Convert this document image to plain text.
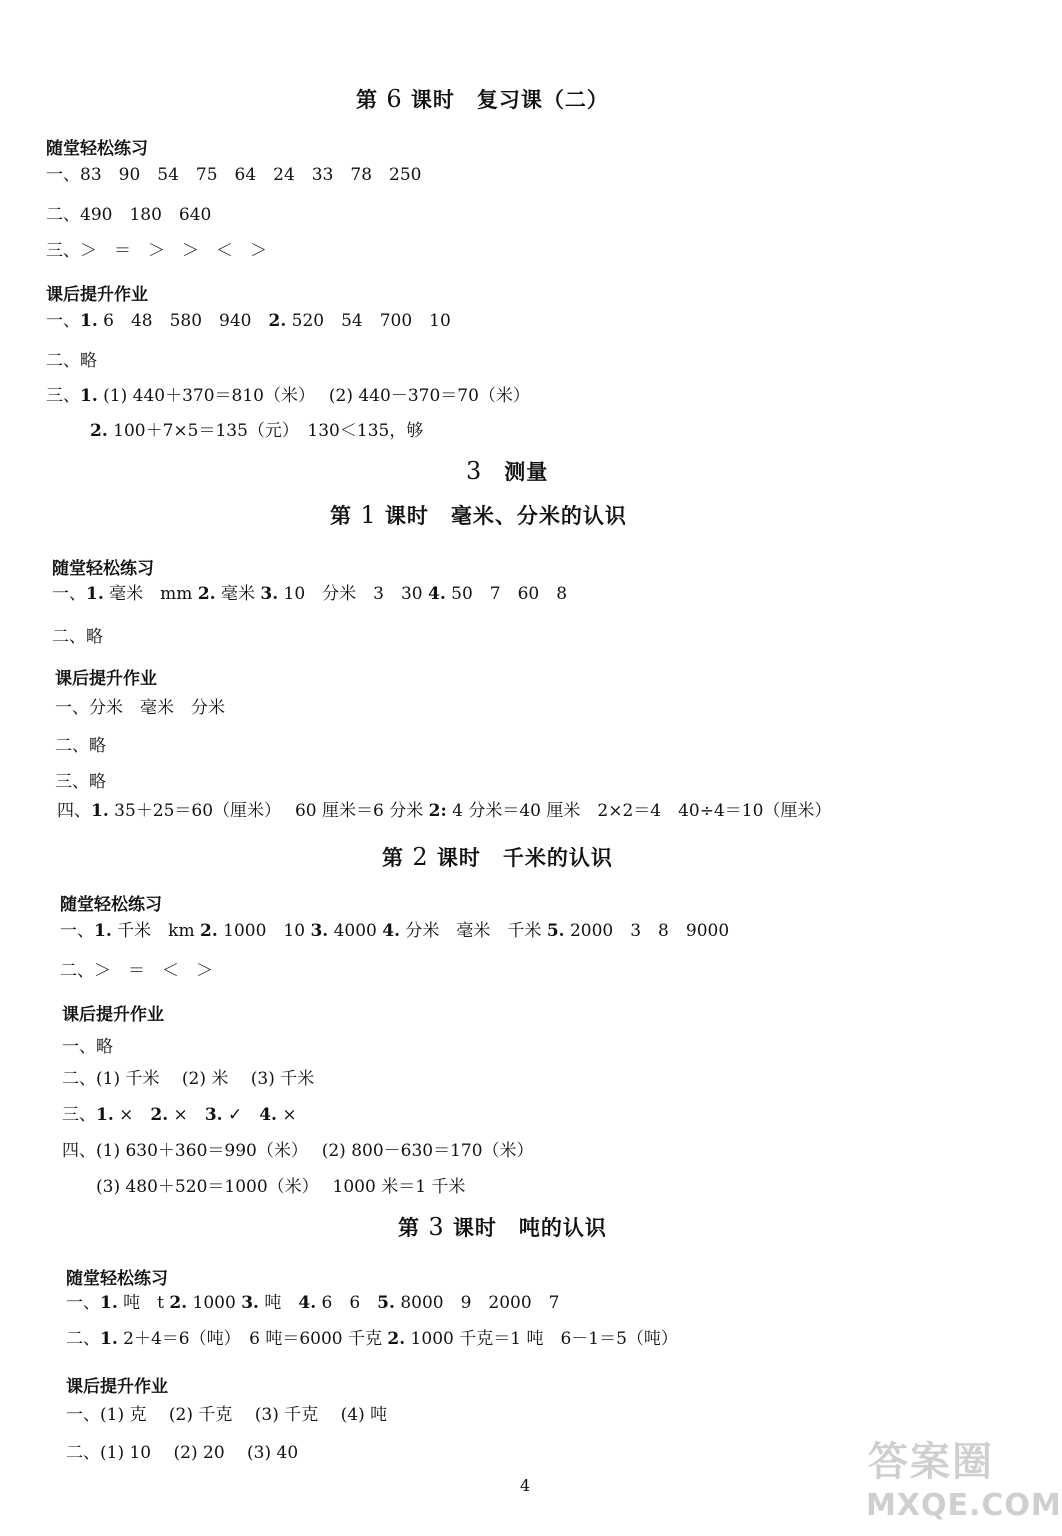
第 6 课时　复习课（二）
随堂轻松练习
一、83　90　54　75　64　24　33　78　250
二、490　180　640
三、＞　＝　＞　＞　＜　＞
课后提升作业
一、1. 6　48　580　940　2. 520　54　700　10
二、略
三、1. (1) 440＋370＝810（米）　 (2) 440－370＝70（米）
2. 100＋7×5＝135（元）　130＜135，够
3　 测量
第 1 课时　毫米、分米的认识
随堂轻松练习
一、1. 毫米　mm 2. 毫米 3. 10　分米　3　30 4. 50　7　60　8
二、略
课后提升作业
一、分米　毫米　分米
二、略
三、略
四、1. 35＋25＝60（厘米）　 60 厘米＝6 分米 2: 4 分米＝40 厘米　2×2＝4　40÷4＝10（厘米）
第 2 课时　千米的认识
随堂轻松练习
一、1. 千米　km 2. 1000　10 3. 4000 4. 分米　毫米　千米 5. 2000　3　8　9000
二、＞　＝　＜　＞
课后提升作业
一、略
二、(1) 千米　 (2) 米　 (3) 千米
三、1. ×　2. ×　3. ✓　4. ×
四、(1) 630＋360＝990（米）　 (2) 800－630＝170（米）
　　(3) 480＋520＝1000（米）　 1000 米＝1 千米
第 3 课时　吨的认识
随堂轻松练习
一、1. 吨　t 2. 1000 3. 吨　4. 6　6　5. 8000　9　2000　7
二、1. 2＋4＝6（吨）　6 吨＝6000 千克 2. 1000 千克＝1 吨　6－1＝5（吨）
课后提升作业
一、(1) 克　 (2) 千克　 (3) 千克　 (4) 吨
二、(1) 10　 (2) 20　 (3) 40
4
答案圈
MXQE.COM
